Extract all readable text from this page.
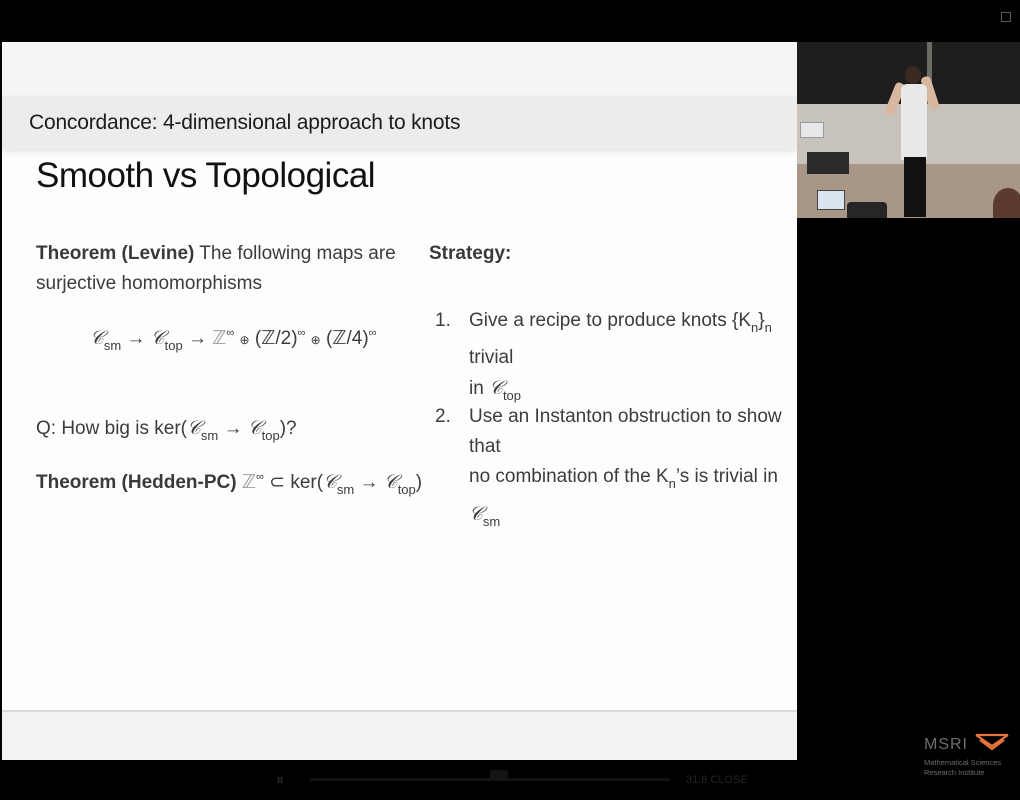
Concordance: 4-dimensional approach to knots
Smooth vs Topological
Theorem (Levine) The following maps are
surjective homomorphisms
𝒞$_{sm}$ → 𝒞$_{top}$ → ℤ∞ ⊕ (ℤ/2)∞ ⊕ (ℤ/4)∞
Q: How big is ker(𝒞$_{sm}$ → 𝒞$_{top}$)?
Theorem (Hedden-PC) ℤ∞ ⊂ ker(𝒞$_{sm}$ → 𝒞$_{top}$)
Strategy:
1. Give a recipe to produce knots $\{K_n\}_n$ trivial
in 𝒞$_{top}$
2. Use an Instanton obstruction to show that
no combination of the $K_n’s$ is trivial in 𝒞$_{sm}$
⏸	31:8 CLOSE
MSRI
Mathematical Sciences
Research Institute
